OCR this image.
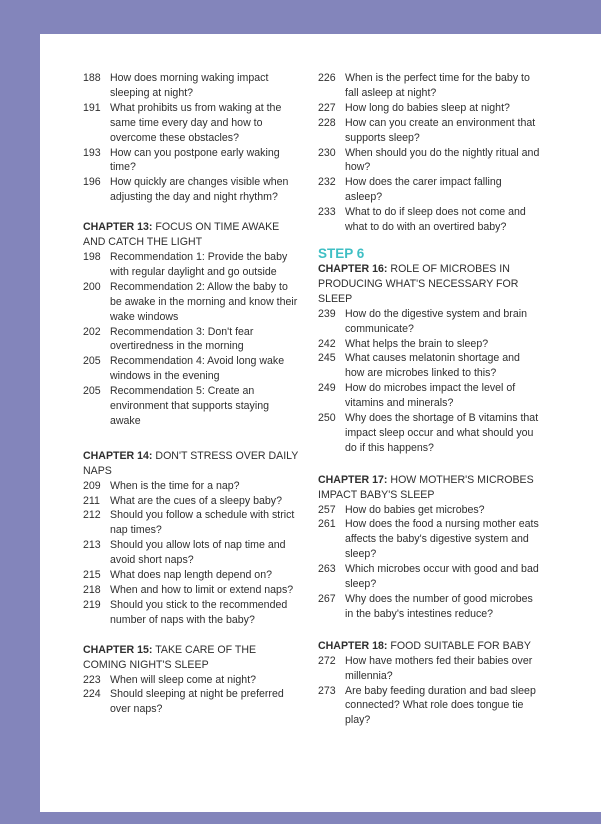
188 How does morning waking impact sleeping at night?
191 What prohibits us from waking at the same time every day and how to overcome these obstacles?
193 How can you postpone early waking time?
196 How quickly are changes visible when adjusting the day and night rhythm?
CHAPTER 13: FOCUS ON TIME AWAKE AND CATCH THE LIGHT
198 Recommendation 1: Provide the baby with regular daylight and go outside
200 Recommendation 2: Allow the baby to be awake in the morning and know their wake windows
202 Recommendation 3: Don't fear overtiredness in the morning
205 Recommendation 4: Avoid long wake windows in the evening
205 Recommendation 5: Create an environment that supports staying awake
CHAPTER 14: DON'T STRESS OVER DAILY NAPS
209 When is the time for a nap?
211 What are the cues of a sleepy baby?
212 Should you follow a schedule with strict nap times?
213 Should you allow lots of nap time and avoid short naps?
215 What does nap length depend on?
218 When and how to limit or extend naps?
219 Should you stick to the recommended number of naps with the baby?
CHAPTER 15: TAKE CARE OF THE COMING NIGHT'S SLEEP
223 When will sleep come at night?
224 Should sleeping at night be preferred over naps?
226 When is the perfect time for the baby to fall asleep at night?
227 How long do babies sleep at night?
228 How can you create an environment that supports sleep?
230 When should you do the nightly ritual and how?
232 How does the carer impact falling asleep?
233 What to do if sleep does not come and what to do with an overtired baby?
STEP 6
CHAPTER 16: ROLE OF MICROBES IN PRODUCING WHAT'S NECESSARY FOR SLEEP
239 How do the digestive system and brain communicate?
242 What helps the brain to sleep?
245 What causes melatonin shortage and how are microbes linked to this?
249 How do microbes impact the level of vitamins and minerals?
250 Why does the shortage of B vitamins that impact sleep occur and what should you do if this happens?
CHAPTER 17: HOW MOTHER'S MICROBES IMPACT BABY'S SLEEP
257 How do babies get microbes?
261 How does the food a nursing mother eats affects the baby's digestive system and sleep?
263 Which microbes occur with good and bad sleep?
267 Why does the number of good microbes in the baby's intestines reduce?
CHAPTER 18: FOOD SUITABLE FOR BABY
272 How have mothers fed their babies over millennia?
273 Are baby feeding duration and bad sleep connected? What role does tongue tie play?
